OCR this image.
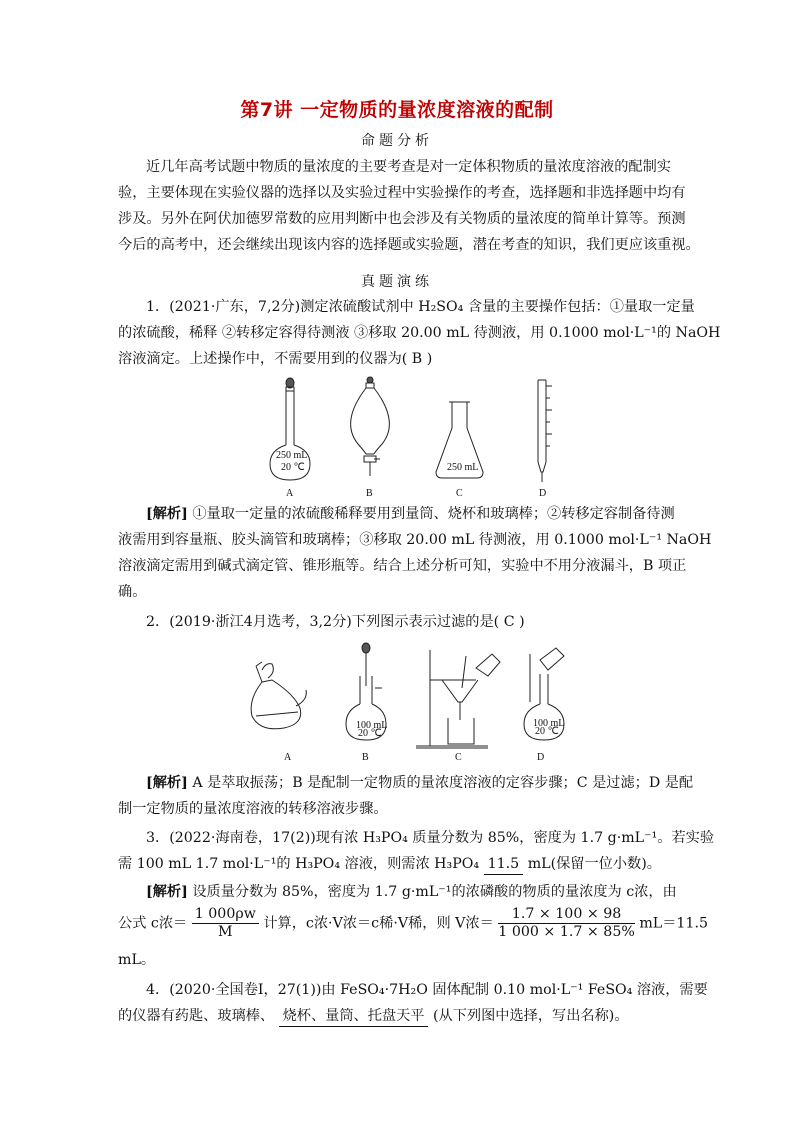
第7讲 一定物质的量浓度溶液的配制
命题分析
近几年高考试题中物质的量浓度的主要考查是对一定体积物质的量浓度溶液的配制实
验，主要体现在实验仪器的选择以及实验过程中实验操作的考查，选择题和非选择题中均有
涉及。另外在阿伏加德罗常数的应用判断中也会涉及有关物质的量浓度的简单计算等。预测
今后的高考中，还会继续出现该内容的选择题或实验题，潜在考查的知识，我们更应该重视。
真题演练
1．(2021·广东，7,2分)测定浓硫酸试剂中 H₂SO₄ 含量的主要操作包括：①量取一定量
的浓硫酸，稀释 ②转移定容得待测液 ③移取 20.00 mL 待测液，用 0.1000 mol·L⁻¹的 NaOH
溶液滴定。上述操作中，不需要用到的仪器为( B )
250 mL
20 ℃	250 mL
A	B	C	D
[解析] ①量取一定量的浓硫酸稀释要用到量筒、烧杯和玻璃棒；②转移定容制备待测
液需用到容量瓶、胶头滴管和玻璃棒；③移取 20.00 mL 待测液，用 0.1000 mol·L⁻¹ NaOH
溶液滴定需用到碱式滴定管、锥形瓶等。结合上述分析可知，实验中不用分液漏斗，B 项正
确。
2．(2019·浙江4月选考，3,2分)下列图示表示过滤的是( C )
100 mL
20 ℃
100 mL
20 ℃
A	B	C	D
[解析] A 是萃取振荡；B 是配制一定物质的量浓度溶液的定容步骤；C 是过滤；D 是配
制一定物质的量浓度溶液的转移溶液步骤。
3．(2022·海南卷，17(2))现有浓 H₃PO₄ 质量分数为 85%，密度为 1.7 g·mL⁻¹。若实验
需 100 mL 1.7 mol·L⁻¹的 H₃PO₄ 溶液，则需浓 H₃PO₄ 11.5 mL(保留一位小数)。
[解析] 设质量分数为 85%，密度为 1.7 g·mL⁻¹的浓磷酸的物质的量浓度为 c浓，由
公式 c浓＝ $\frac{1 000\rho w}{M}$ 计算，c浓·V浓＝c稀·V稀，则 V浓＝ $\frac{1.7 \times 100 \times 98}{1 000 \times 1.7 \times 85\%} mL=11.5$
mL。
4．(2020·全国卷Ⅰ，27(1))由 FeSO₄·7H₂O 固体配制 0.10 mol·L⁻¹ FeSO₄ 溶液，需要
的仪器有药匙、玻璃棒、 烧杯、量筒、托盘天平 (从下列图中选择，写出名称)。
